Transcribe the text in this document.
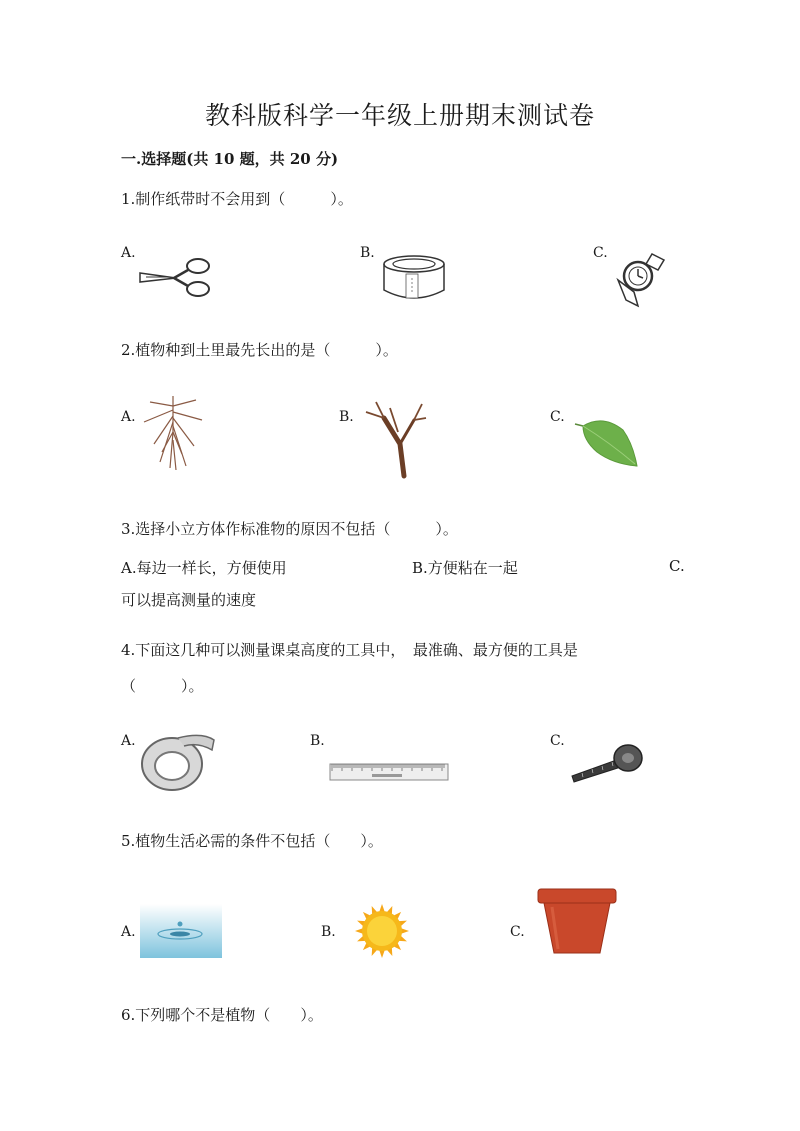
教科版科学一年级上册期末测试卷
一.选择题(共 10 题，共 20 分)
1.制作纸带时不会用到（　　　）。
A.	B.	C.
2.植物种到土里最先长出的是（　　　）。
A.	B.	C.
3.选择小立方体作标准物的原因不包括（　　　）。
A.每边一样长，方便使用	B.方便粘在一起	C.
可以提高测量的速度
4.下面这几种可以测量课桌高度的工具中，　最准确、最方便的工具是
（　　　）。
A.	B.	C.
5.植物生活必需的条件不包括（　　）。
A.	B.	C.
6.下列哪个不是植物（　　）。
